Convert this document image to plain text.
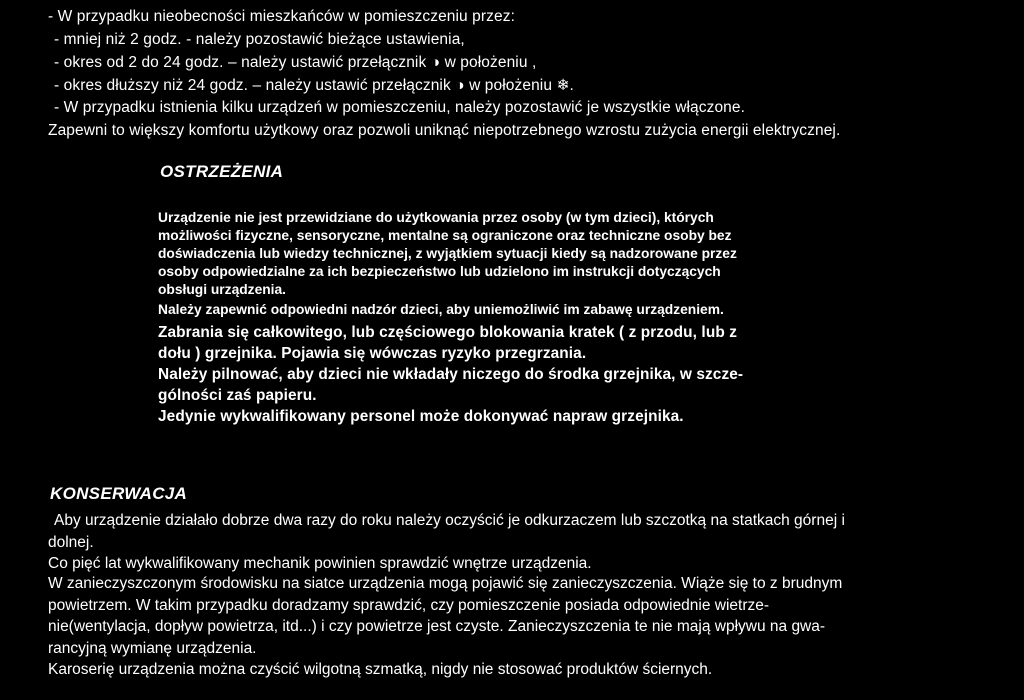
- W przypadku nieobecności mieszkańców w pomieszczeniu przez:

- mniej niż 2 godz. - należy pozostawić bieżące ustawienia,

- okres od 2 do 24 godz. – należy ustawić przełącznik ◑ w położeniu ,

- okres dłuższy niż 24 godz. – należy ustawić przełącznik ◑ w położeniu ❄.

- W przypadku istnienia kilku urządzeń w pomieszczeniu, należy pozostawić je wszystkie włączone.

Zapewni to większy komfortu użytkowy oraz pozwoli uniknąć niepotrzebnego wzrostu zużycia energii elektrycznej.

OSTRZEŻENIA

Urządzenie nie jest przewidziane do użytkowania przez osoby (w tym dzieci), których

możliwości fizyczne, sensoryczne, mentalne są ograniczone oraz techniczne osoby bez

doświadczenia lub wiedzy technicznej, z wyjątkiem sytuacji kiedy są nadzorowane przez

osoby odpowiedzialne za ich bezpieczeństwo lub udzielono im instrukcji dotyczących

obsługi urządzenia.

Należy zapewnić odpowiedni nadzór dzieci, aby uniemożliwić im zabawę urządzeniem.

Zabrania się całkowitego, lub częściowego blokowania kratek ( z przodu, lub z

dołu ) grzejnika. Pojawia się wówczas ryzyko przegrzania.

Należy pilnować, aby dzieci nie wkładały niczego do środka grzejnika, w szcze-

gólności zaś papieru.

Jedynie wykwalifikowany personel może dokonywać napraw grzejnika.

KONSERWACJA

Aby urządzenie działało dobrze dwa razy do roku należy oczyścić je odkurzaczem lub szczotką na statkach górnej i

dolnej.

Co pięć lat wykwalifikowany mechanik powinien sprawdzić wnętrze urządzenia.

W zanieczyszczonym środowisku na siatce urządzenia mogą pojawić się zanieczyszczenia. Wiąże się to z brudnym

powietrzem. W takim przypadku doradzamy sprawdzić, czy pomieszczenie posiada odpowiednie wietrze-

nie(wentylacja, dopływ powietrza, itd...) i czy powietrze jest czyste. Zanieczyszczenia te nie mają wpływu na gwa-

rancyjną wymianę urządzenia.

Karoserię urządzenia można czyścić wilgotną szmatką, nigdy nie stosować produktów ściernych.
